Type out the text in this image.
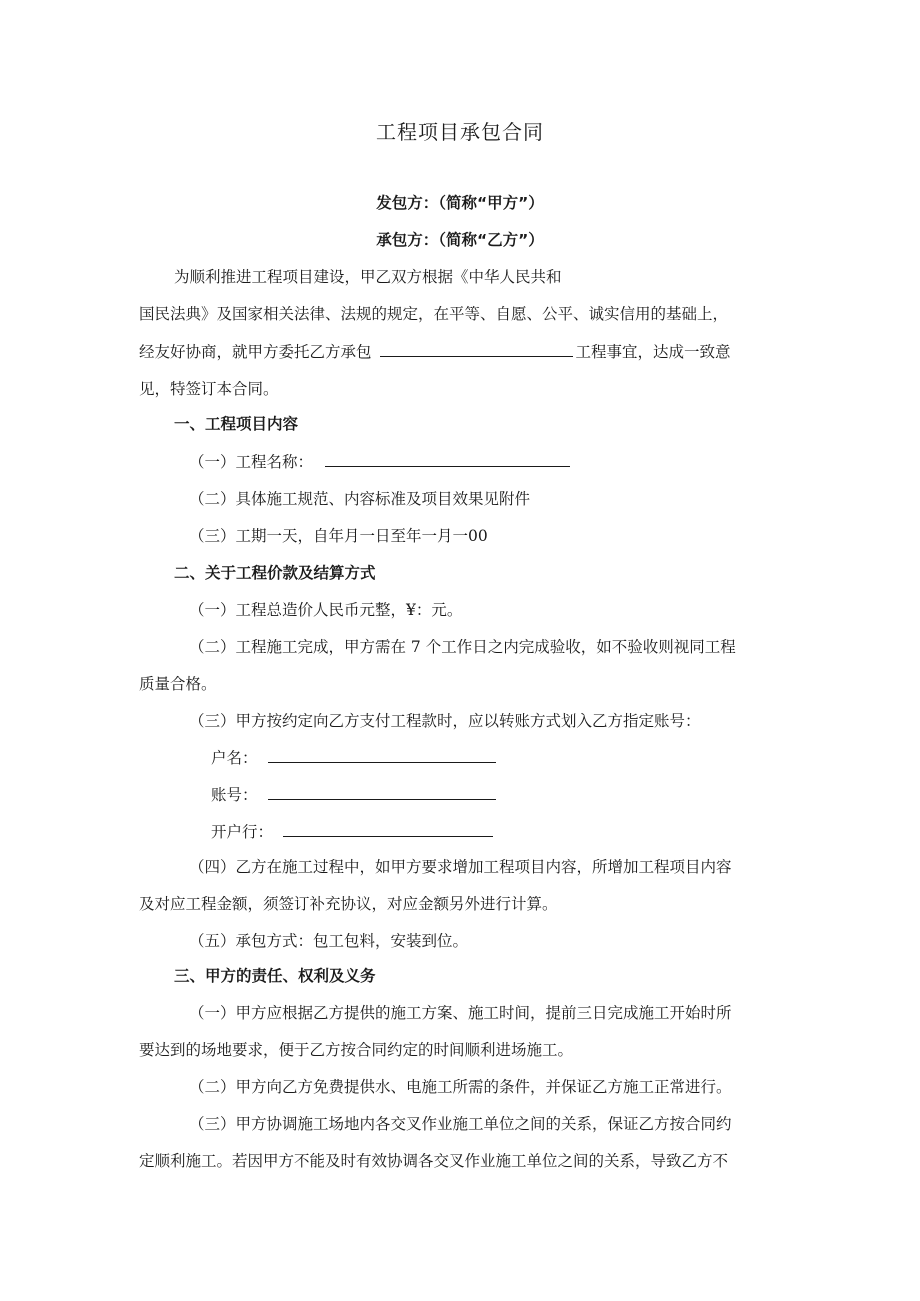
工程项目承包合同
发包方：（简称“甲方”）
承包方：（简称“乙方”）
为顺利推进工程项目建设，甲乙双方根据《中华人民共和
国民法典》及国家相关法律、法规的规定，在平等、自愿、公平、诚实信用的基础上，
经友好协商，就甲方委托乙方承包	工程事宜，达成一致意
见，特签订本合同。
一、工程项目内容
（一）工程名称：
（二）具体施工规范、内容标准及项目效果见附件
（三）工期一天，自年月一日至年一月一00
二、关于工程价款及结算方式
（一）工程总造价人民币元整，¥：元。
（二）工程施工完成，甲方需在 7 个工作日之内完成验收，如不验收则视同工程
质量合格。
（三）甲方按约定向乙方支付工程款时，应以转账方式划入乙方指定账号：
户名：
账号：
开户行：
（四）乙方在施工过程中，如甲方要求增加工程项目内容，所增加工程项目内容
及对应工程金额，须签订补充协议，对应金额另外进行计算。
（五）承包方式：包工包料，安装到位。
三、甲方的责任、权利及义务
（一）甲方应根据乙方提供的施工方案、施工时间，提前三日完成施工开始时所
要达到的场地要求，便于乙方按合同约定的时间顺利进场施工。
（二）甲方向乙方免费提供水、电施工所需的条件，并保证乙方施工正常进行。
（三）甲方协调施工场地内各交叉作业施工单位之间的关系，保证乙方按合同约
定顺利施工。若因甲方不能及时有效协调各交叉作业施工单位之间的关系，导致乙方不
